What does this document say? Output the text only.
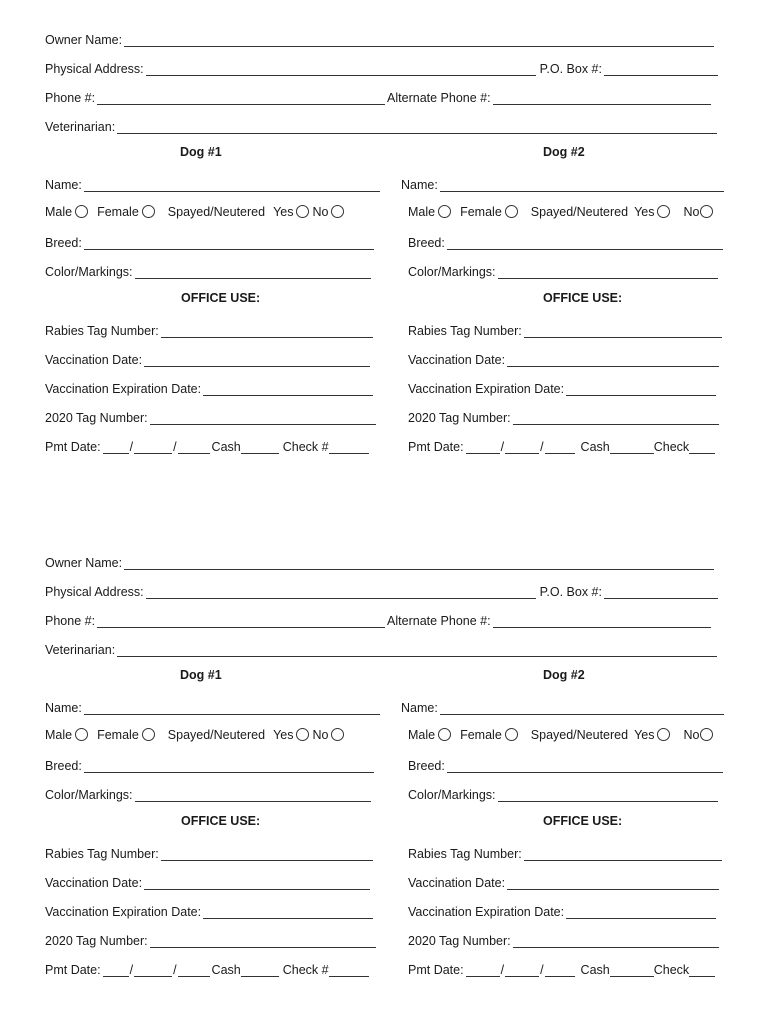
Owner Name:
Physical Address:	P.O. Box #:
Phone #:	Alternate Phone #:
Veterinarian:
Dog #1
Name:
Male Female Spayed/Neutered Yes No
Breed:
Color/Markings:
OFFICE USE:
Rabies Tag Number:
Vaccination Date:
Vaccination Expiration Date:
2020 Tag Number:
Pmt Date: /	/	Cash	Check #
Dog #2
Name:
Male Female Spayed/Neutered Yes No
Breed:
Color/Markings:
OFFICE USE:
Rabies Tag Number:
Vaccination Date:
Vaccination Expiration Date:
2020 Tag Number:
Pmt Date:	/	/	Cash	Check
Owner Name:
Physical Address:	P.O. Box #:
Phone #:	Alternate Phone #:
Veterinarian:
Dog #1
Name:
Male Female Spayed/Neutered Yes No
Breed:
Color/Markings:
OFFICE USE:
Rabies Tag Number:
Vaccination Date:
Vaccination Expiration Date:
2020 Tag Number:
Pmt Date: /	/	Cash	Check #
Dog #2
Name:
Male Female Spayed/Neutered Yes No
Breed:
Color/Markings:
OFFICE USE:
Rabies Tag Number:
Vaccination Date:
Vaccination Expiration Date:
2020 Tag Number:
Pmt Date:	/	/	Cash	Check
